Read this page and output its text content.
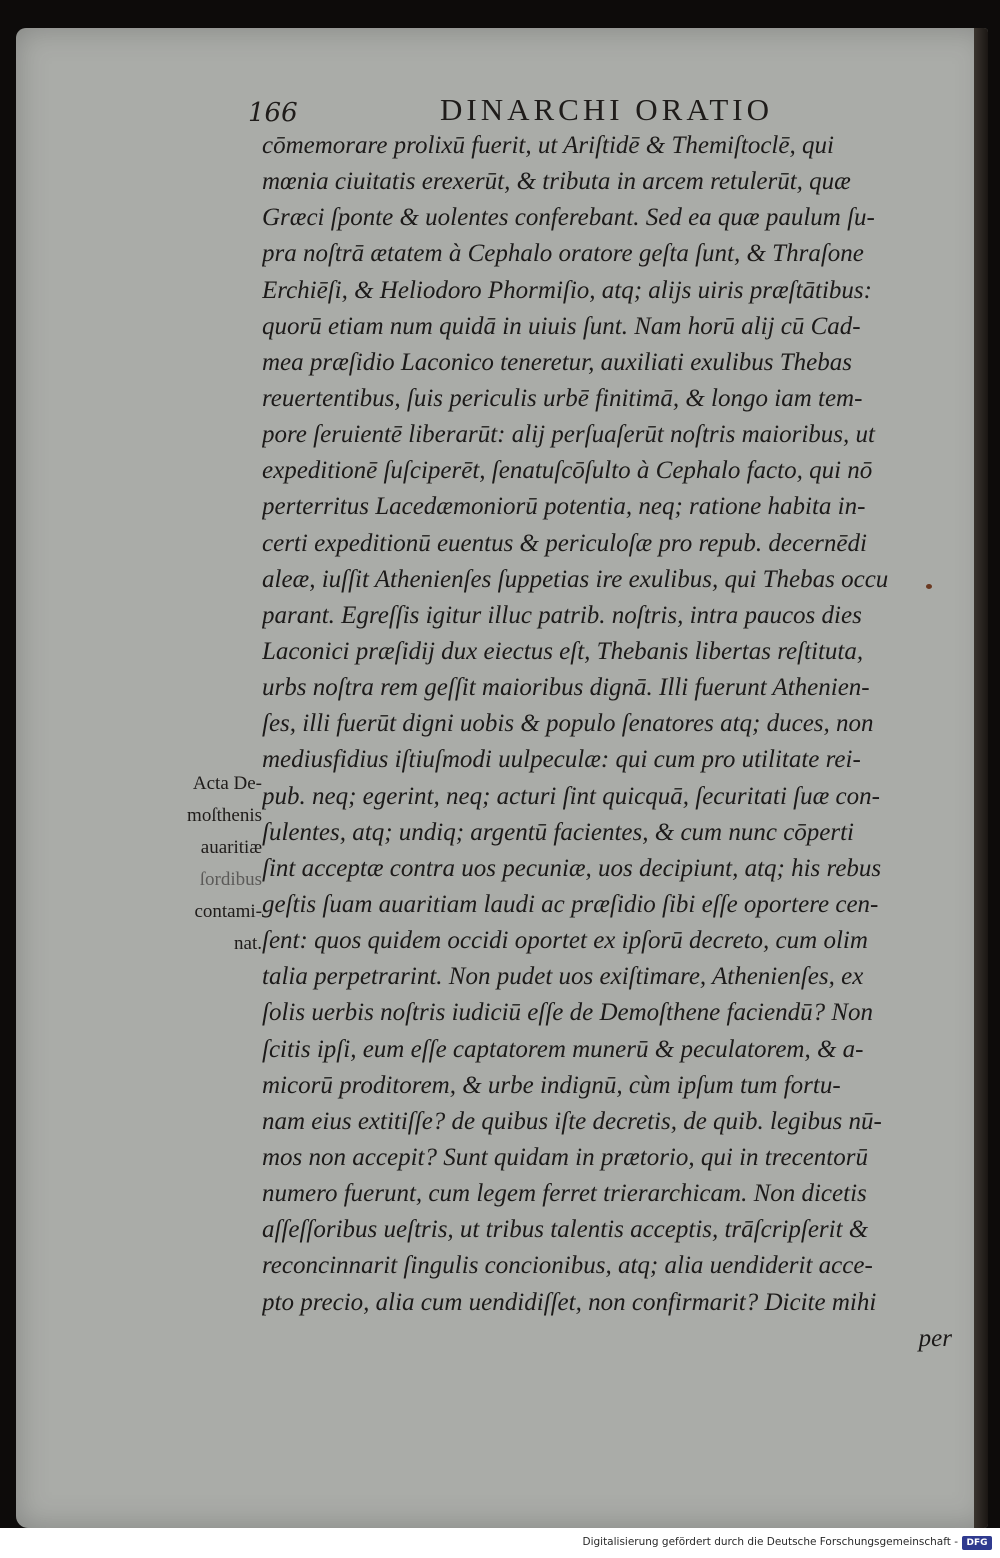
166	DINARCHI ORATIO
cōmemorare prolixū fuerit, ut Ariſtidē & Themiſtoclē, qui
mœnia ciuitatis erexerūt, & tributa in arcem retulerūt, quæ
Græci ſponte & uolentes conferebant. Sed ea quæ paulum ſu-
pra noſtrā ætatem à Cephalo oratore geſta ſunt, & Thraſone
Erchiēſi, & Heliodoro Phormiſio, atq; alijs uiris præſtātibus:
quorū etiam num quidā in uiuis ſunt. Nam horū alij cū Cad-
mea præſidio Laconico teneretur, auxiliati exulibus Thebas
reuertentibus, ſuis periculis urbē finitimā, & longo iam tem-
pore ſeruientē liberarūt: alij perſuaſerūt noſtris maioribus, ut
expeditionē ſuſciperēt, ſenatuſcōſulto à Cephalo facto, qui nō
perterritus Lacedæmoniorū potentia, neq; ratione habita in-
certi expeditionū euentus & periculoſæ pro repub. decernēdi
aleæ, iuſſit Athenienſes ſuppetias ire exulibus, qui Thebas occu
parant. Egreſſis igitur illuc patrib. noſtris, intra paucos dies
Laconici præſidij dux eiectus eſt, Thebanis libertas reſtituta,
urbs noſtra rem geſſit maioribus dignā. Illi fuerunt Athenien-
ſes, illi fuerūt digni uobis & populo ſenatores atq; duces, non
mediusfidius iſtiuſmodi uulpeculæ: qui cum pro utilitate rei-
pub. neq; egerint, neq; acturi ſint quicquā, ſecuritati ſuæ con-
ſulentes, atq; undiq; argentū facientes, & cum nunc cōperti
ſint acceptæ contra uos pecuniæ, uos decipiunt, atq; his rebus
geſtis ſuam auaritiam laudi ac præſidio ſibi eſſe oportere cen-
ſent: quos quidem occidi oportet ex ipſorū decreto, cum olim
talia perpetrarint. Non pudet uos exiſtimare, Athenienſes, ex
ſolis uerbis noſtris iudiciū eſſe de Demoſthene faciendū? Non
ſcitis ipſi, eum eſſe captatorem munerū & peculatorem, & a-
micorū proditorem, & urbe indignū, cùm ipſum tum fortu-
nam eius extitiſſe? de quibus iſte decretis, de quib. legibus nū-
mos non accepit? Sunt quidam in prætorio, qui in trecentorū
numero fuerunt, cum legem ferret trierarchicam. Non dicetis
aſſeſſoribus ueſtris, ut tribus talentis acceptis, trāſcripſerit &
reconcinnarit ſingulis concionibus, atq; alia uendiderit acce-
pto precio, alia cum uendidiſſet, non confirmarit? Dicite mihi
per
Acta De-
moſthenis
auaritiæ
ſordibus
contami-
nat.
Digitalisierung gefördert durch die Deutsche Forschungsgemeinschaft - DFG
